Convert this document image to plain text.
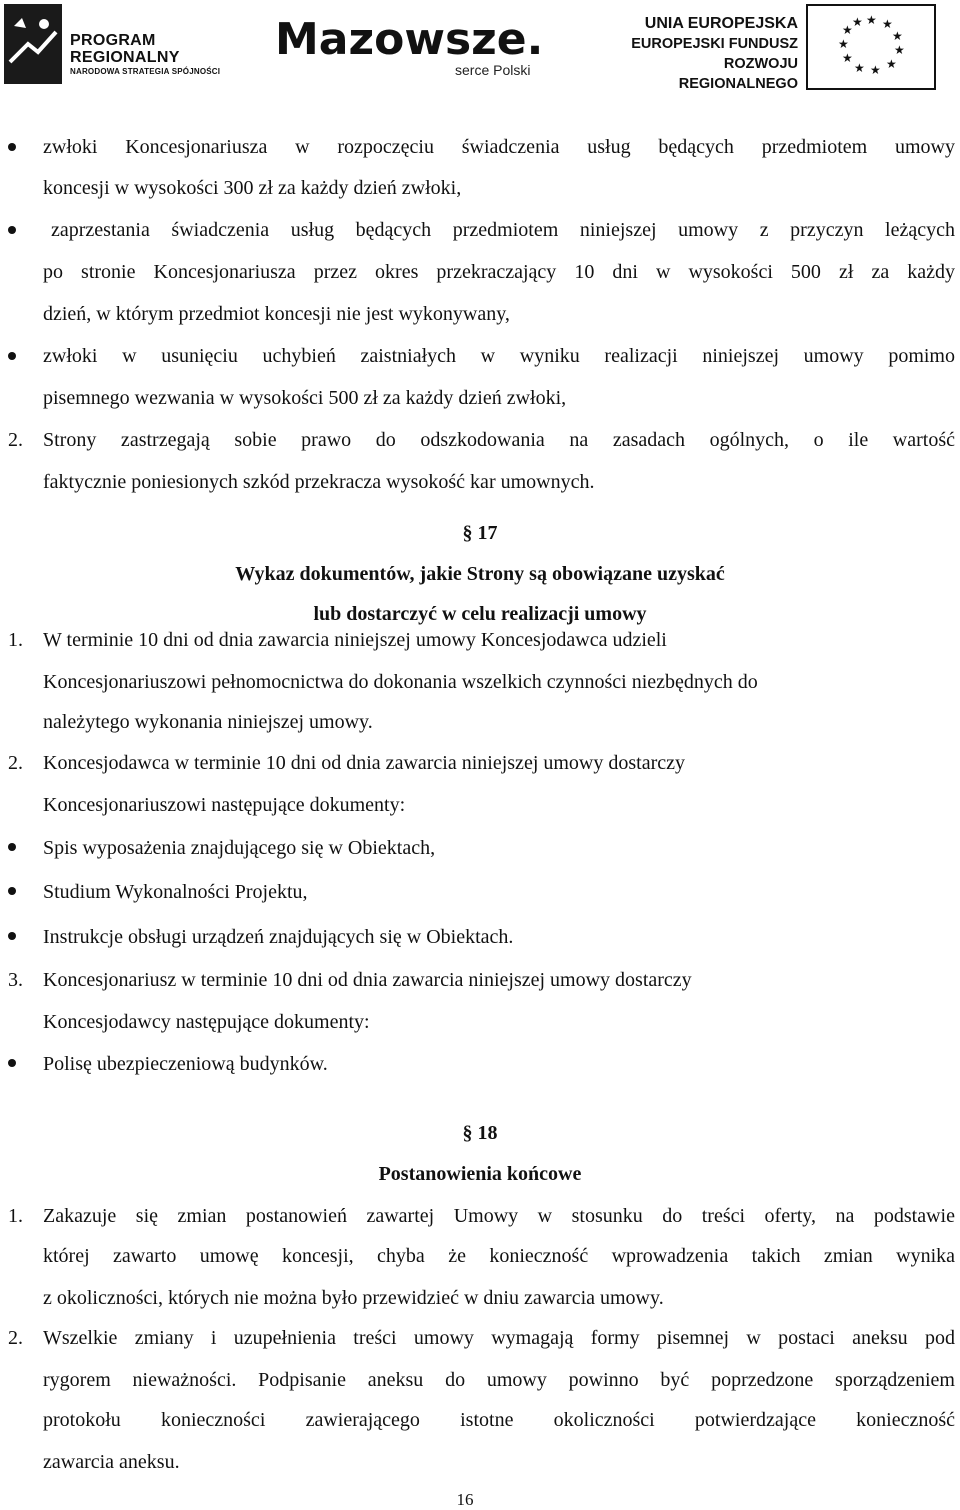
PROGRAM
REGIONALNY
NARODOWA STRATEGIA SPÓJNOŚCI
Mazowsze.
serce Polski
UNIA EUROPEJSKA
EUROPEJSKI FUNDUSZ
ROZWOJU REGIONALNEGO
★ ★
★
★
★
★
★
★
★
★
★
zwłoki Koncesjonariusza w rozpoczęciu świadczenia usług będących przedmiotem umowy
koncesji w wysokości 300 zł za każdy dzień zwłoki,
zaprzestania świadczenia usług będących przedmiotem niniejszej umowy z przyczyn leżących
po stronie Koncesjonariusza przez okres przekraczający 10 dni w wysokości 500 zł za każdy
dzień, w którym przedmiot koncesji nie jest wykonywany,
zwłoki w usunięciu uchybień zaistniałych w wyniku realizacji niniejszej umowy pomimo
pisemnego wezwania w wysokości 500 zł za każdy dzień zwłoki,
2. Strony zastrzegają sobie prawo do odszkodowania na zasadach ogólnych, o ile wartość
faktycznie poniesionych szkód przekracza wysokość kar umownych.
§ 17
Wykaz dokumentów, jakie Strony są obowiązane uzyskać
lub dostarczyć w celu realizacji umowy
1. W terminie 10 dni od dnia zawarcia niniejszej umowy Koncesjodawca udzieli
Koncesjonariuszowi pełnomocnictwa do dokonania wszelkich czynności niezbędnych do
należytego wykonania niniejszej umowy.
2. Koncesjodawca w terminie 10 dni od dnia zawarcia niniejszej umowy dostarczy
Koncesjonariuszowi następujące dokumenty:
Spis wyposażenia znajdującego się w Obiektach,
Studium Wykonalności Projektu,
Instrukcje obsługi urządzeń znajdujących się w Obiektach.
3. Koncesjonariusz w terminie 10 dni od dnia zawarcia niniejszej umowy dostarczy
Koncesjodawcy następujące dokumenty:
Polisę ubezpieczeniową budynków.
§ 18
Postanowienia końcowe
1. Zakazuje się zmian postanowień zawartej Umowy w stosunku do treści oferty, na podstawie
której zawarto umowę koncesji, chyba że konieczność wprowadzenia takich zmian wynika
z okoliczności, których nie można było przewidzieć w dniu zawarcia umowy.
2. Wszelkie zmiany i uzupełnienia treści umowy wymagają formy pisemnej w postaci aneksu pod
rygorem nieważności. Podpisanie aneksu do umowy powinno być poprzedzone sporządzeniem
protokołu konieczności zawierającego istotne okoliczności potwierdzające konieczność
zawarcia aneksu.
16
